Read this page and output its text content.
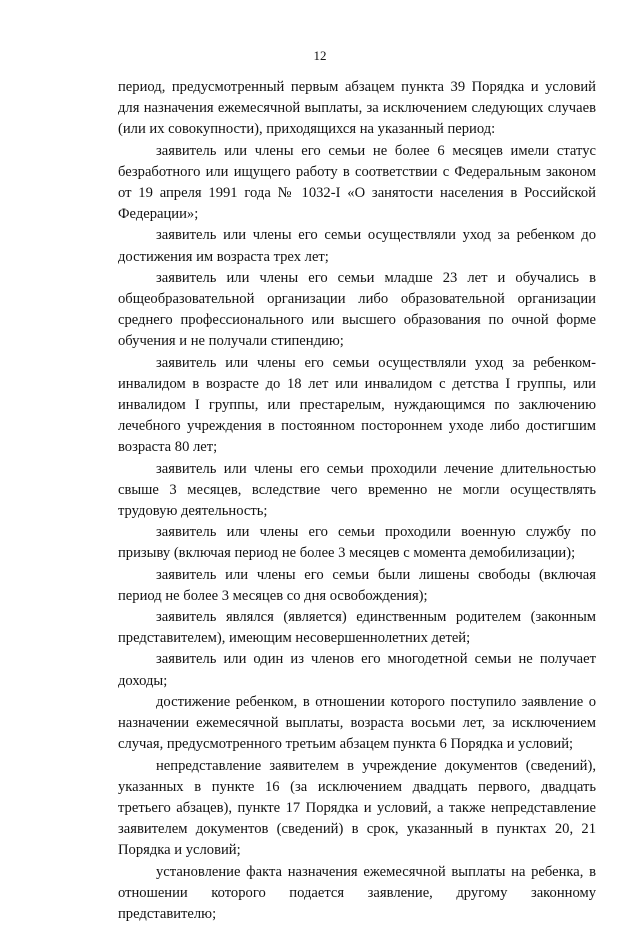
12

период, предусмотренный первым абзацем пункта 39 Порядка и условий для назначения ежемесячной выплаты, за исключением следующих случаев (или их совокупности), приходящихся на указанный период:

заявитель или члены его семьи не более 6 месяцев имели статус безработного или ищущего работу в соответствии с Федеральным законом от 19 апреля 1991 года № 1032-I «О занятости населения в Российской Федерации»;

заявитель или члены его семьи осуществляли уход за ребенком до достижения им возраста трех лет;

заявитель или члены его семьи младше 23 лет и обучались в общеобразовательной организации либо образовательной организации среднего профессионального или высшего образования по очной форме обучения и не получали стипендию;

заявитель или члены его семьи осуществляли уход за ребенком-инвалидом в возрасте до 18 лет или инвалидом с детства I группы, или инвалидом I группы, или престарелым, нуждающимся по заключению лечебного учреждения в постоянном постороннем уходе либо достигшим возраста 80 лет;

заявитель или члены его семьи проходили лечение длительностью свыше 3 месяцев, вследствие чего временно не могли осуществлять трудовую деятельность;

заявитель или члены его семьи проходили военную службу по призыву (включая период не более 3 месяцев с момента демобилизации);

заявитель или члены его семьи были лишены свободы (включая период не более 3 месяцев со дня освобождения);

заявитель являлся (является) единственным родителем (законным представителем), имеющим несовершеннолетних детей;

заявитель или один из членов его многодетной семьи не получает доходы;

достижение ребенком, в отношении которого поступило заявление о назначении ежемесячной выплаты, возраста восьми лет, за исключением случая, предусмотренного третьим абзацем пункта 6 Порядка и условий;

непредставление заявителем в учреждение документов (сведений), указанных в пункте 16 (за исключением двадцать первого, двадцать третьего абзацев), пункте 17 Порядка и условий, а также непредставление заявителем документов (сведений) в срок, указанный в пунктах 20, 21 Порядка и условий;

установление факта назначения ежемесячной выплаты на ребенка, в отношении которого подается заявление, другому законному представителю;
